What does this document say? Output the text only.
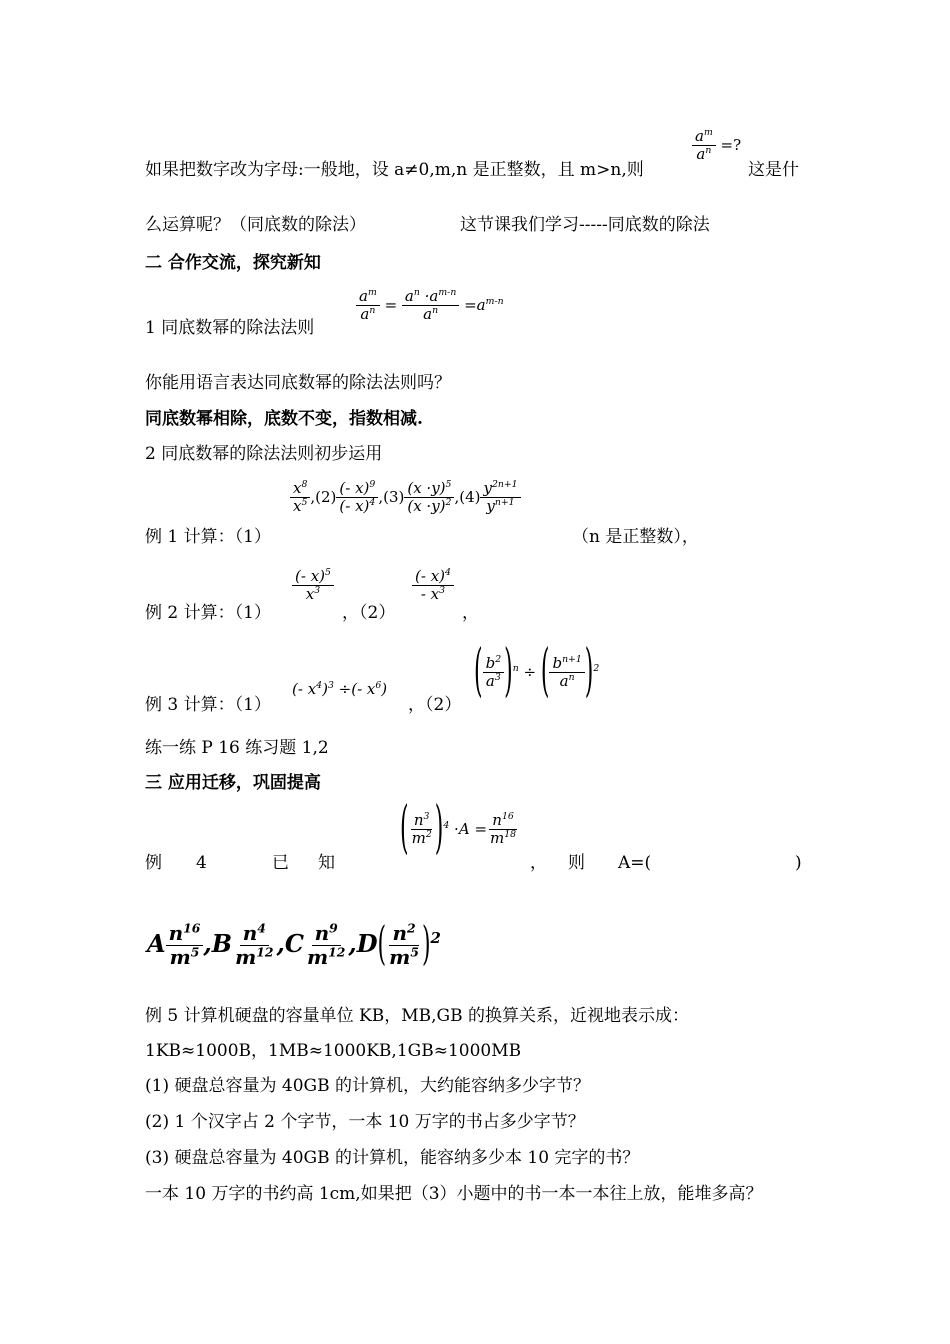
$\frac{a^m}{a^n}$ =?
如果把数字改为字母:一般地，设 a≠0,m,n 是正整数，且 m>n,则	这是什
么运算呢？（同底数的除法）	这节课我们学习-----同底数的除法
二 合作交流，探究新知
1 同底数幂的除法法则
$\frac{a^m}{a^n} = \frac{a^n \cdot a^{m-n}}{a^n} =a^{m-n}$
你能用语言表达同底数幂的除法法则吗？
同底数幂相除，底数不变，指数相减.
2 同底数幂的除法法则初步运用
例 1 计算：（1）
$\frac{x^8}{x^5} ,(2) \frac{(- x)^9}{(- x)^4} ,(3) \frac{(x \cdot y)^5}{(x \cdot y)^2} ,(4) \frac{y^{2n+1}}{y^{n+1}}$
（n 是正整数），
例 2 计算：（1）
$\frac{(- x)^5}{x^3}$
，（2）
$\frac{(- x)^4}{- x^3}$
，
例 3 计算：（1）
(- $x^4)^3$ ÷(- $x^6$)
，（2） ( $\frac{b^2}{a^3} )^n$ ÷ ( $\frac{b^{n+1}}{a^n} )^2$
练一练 P 16 练习题 1,2
三 应用迁移，巩固提高
例 4	已 知
( $\frac{n^3}{m^2} )^4 \cdot A = \frac{n^{16}}{m^{18}}$
， 则 A=(	)
A $\frac{n^{16}}{m^5} ,B \frac{n^4}{m^{12}} ,C \frac{n^9}{m^{12}} ,D( \frac{n^2}{m^5} )^2$
例 5 计算机硬盘的容量单位 KB，MB,GB 的换算关系，近视地表示成：
1KB≈1000B，1MB≈1000KB,1GB≈1000MB
(1) 硬盘总容量为 40GB 的计算机，大约能容纳多少字节？
(2) 1 个汉字占 2 个字节，一本 10 万字的书占多少字节？
(3) 硬盘总容量为 40GB 的计算机，能容纳多少本 10 完字的书？
一本 10 万字的书约高 1cm,如果把（3）小题中的书一本一本往上放，能堆多高？
